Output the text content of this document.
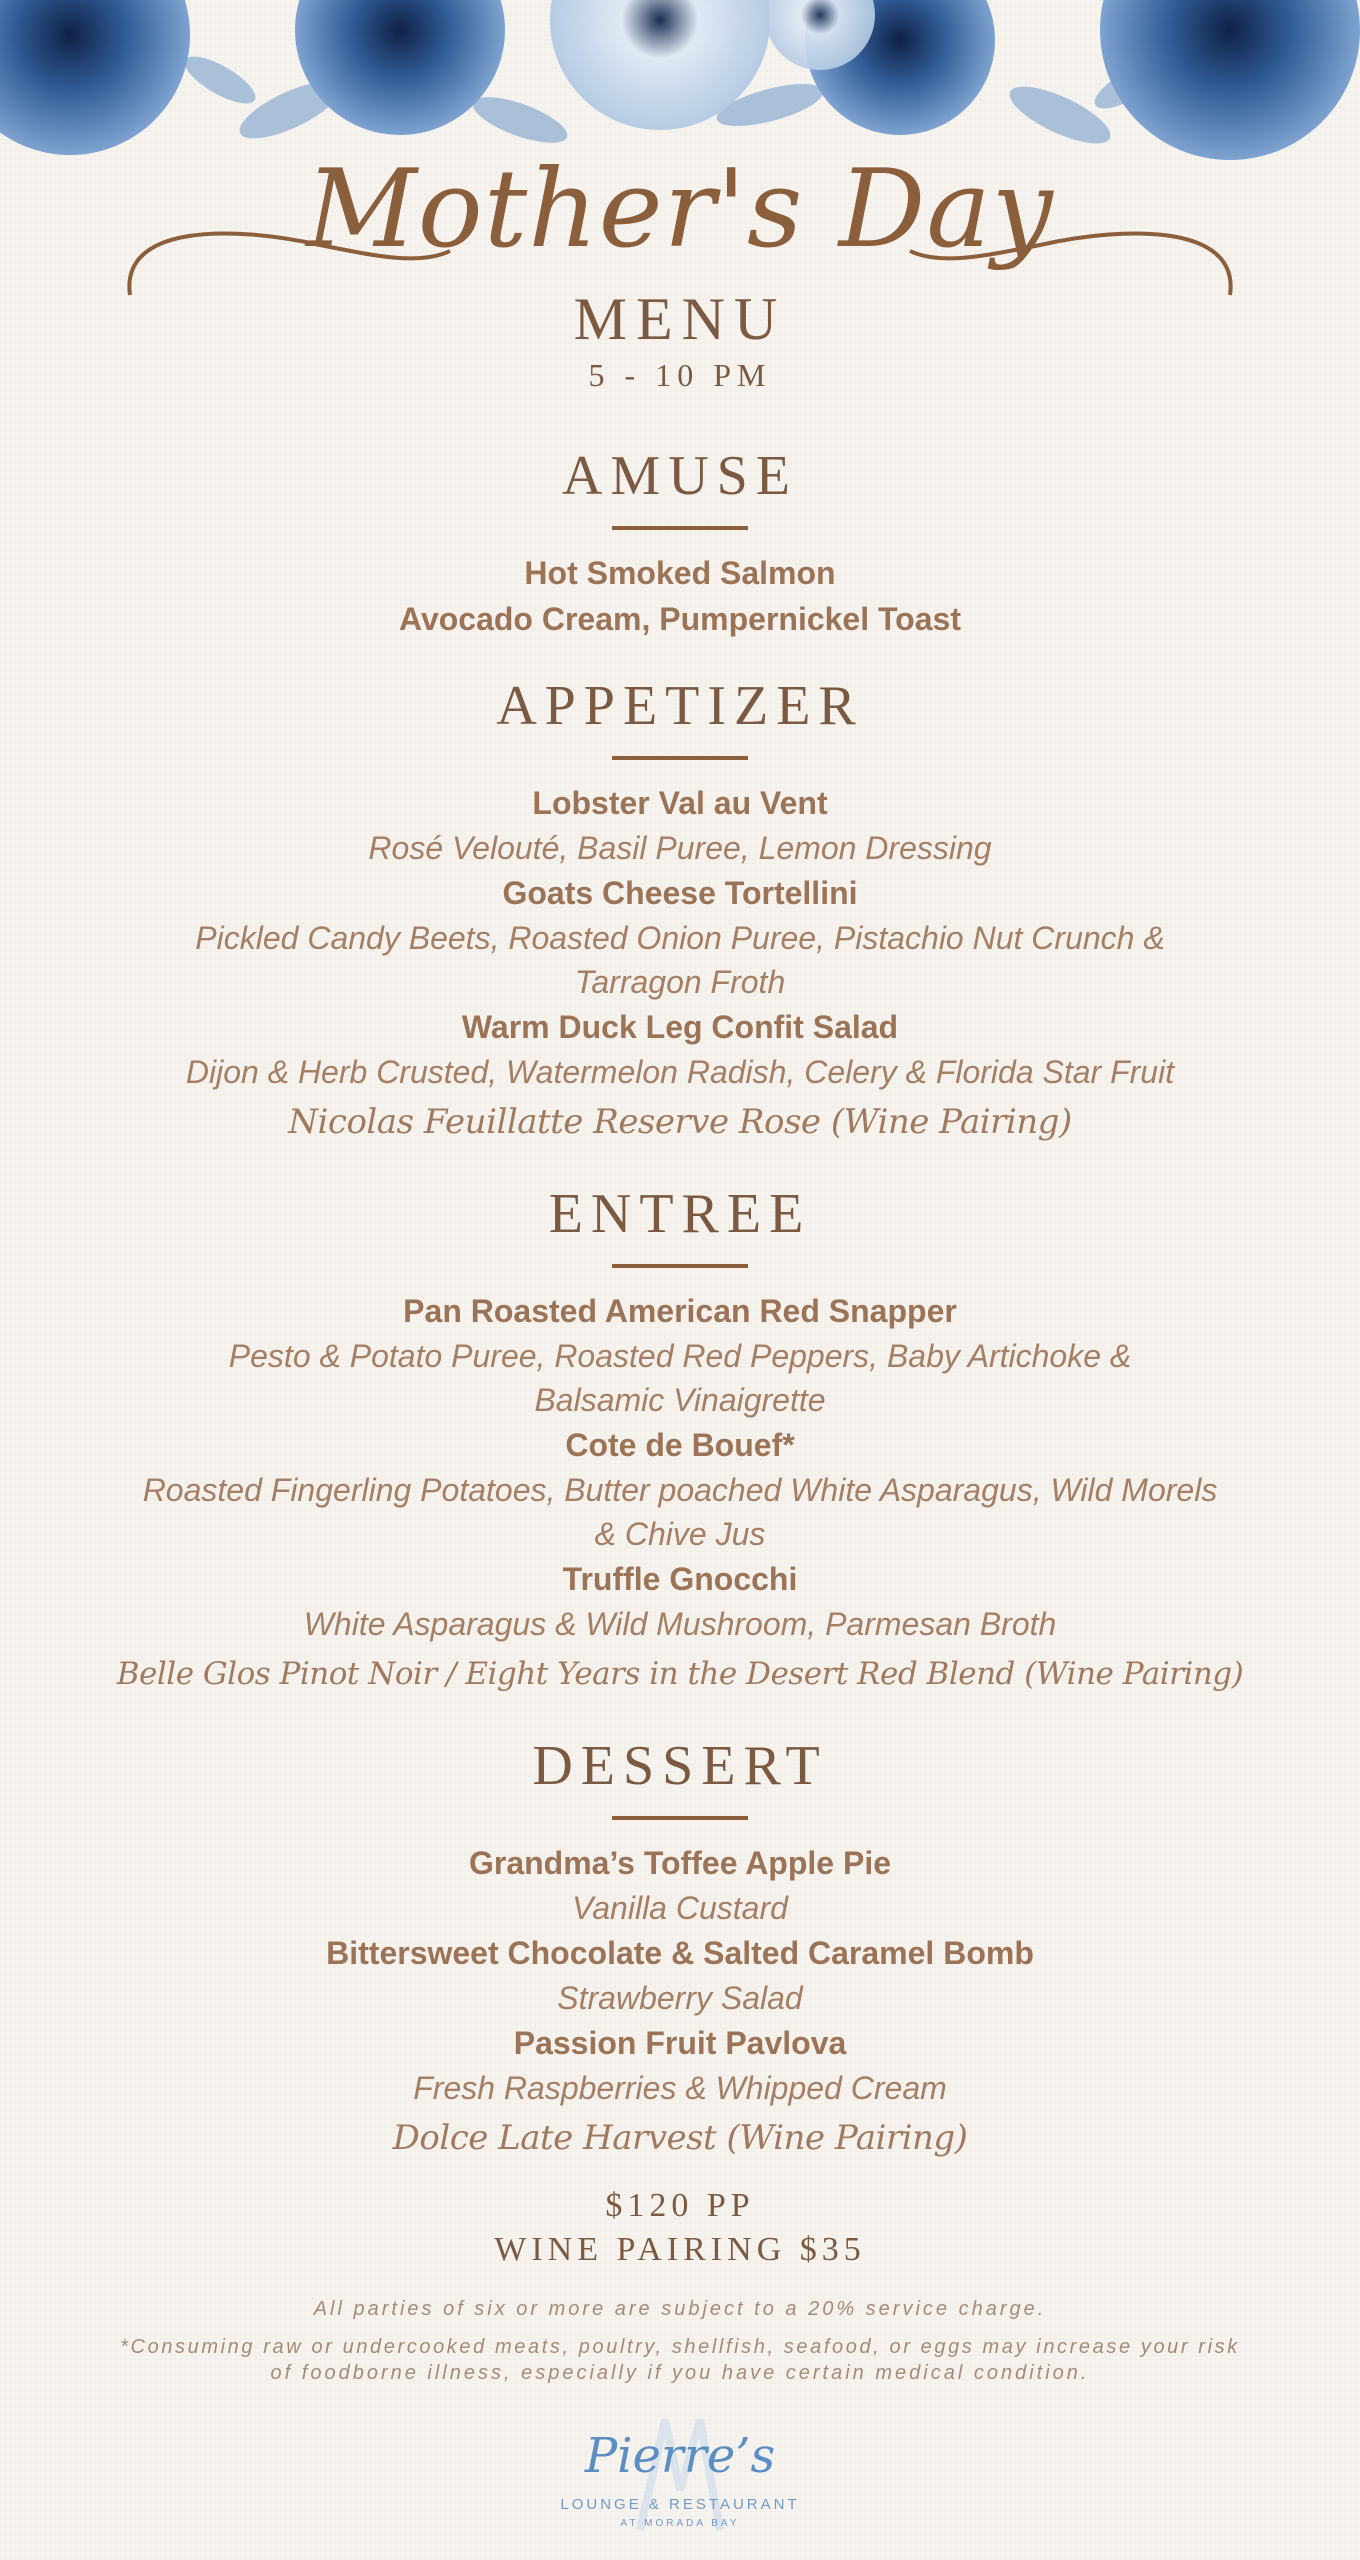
Mother's Day
MENU
5 - 10 PM
AMUSE
Hot Smoked Salmon
Avocado Cream, Pumpernickel Toast
APPETIZER
Lobster Val au Vent
Rosé Velouté, Basil Puree, Lemon Dressing
Goats Cheese Tortellini
Pickled Candy Beets, Roasted Onion Puree, Pistachio Nut Crunch &
Tarragon Froth
Warm Duck Leg Confit Salad
Dijon & Herb Crusted, Watermelon Radish, Celery & Florida Star Fruit
Nicolas Feuillatte Reserve Rose (Wine Pairing)
ENTREE
Pan Roasted American Red Snapper
Pesto & Potato Puree, Roasted Red Peppers, Baby Artichoke &
Balsamic Vinaigrette
Cote de Bouef*
Roasted Fingerling Potatoes, Butter poached White Asparagus, Wild Morels
& Chive Jus
Truffle Gnocchi
White Asparagus & Wild Mushroom, Parmesan Broth
Belle Glos Pinot Noir / Eight Years in the Desert Red Blend (Wine Pairing)
DESSERT
Grandma’s Toffee Apple Pie
Vanilla Custard
Bittersweet Chocolate & Salted Caramel Bomb
Strawberry Salad
Passion Fruit Pavlova
Fresh Raspberries & Whipped Cream
Dolce Late Harvest (Wine Pairing)
$120 PP
WINE PAIRING $35
All parties of six or more are subject to a 20% service charge.
*Consuming raw or undercooked meats, poultry, shellfish, seafood, or eggs may increase your risk
of foodborne illness, especially if you have certain medical condition.
Pierre’s
LOUNGE & RESTAURANT
AT MORADA BAY
